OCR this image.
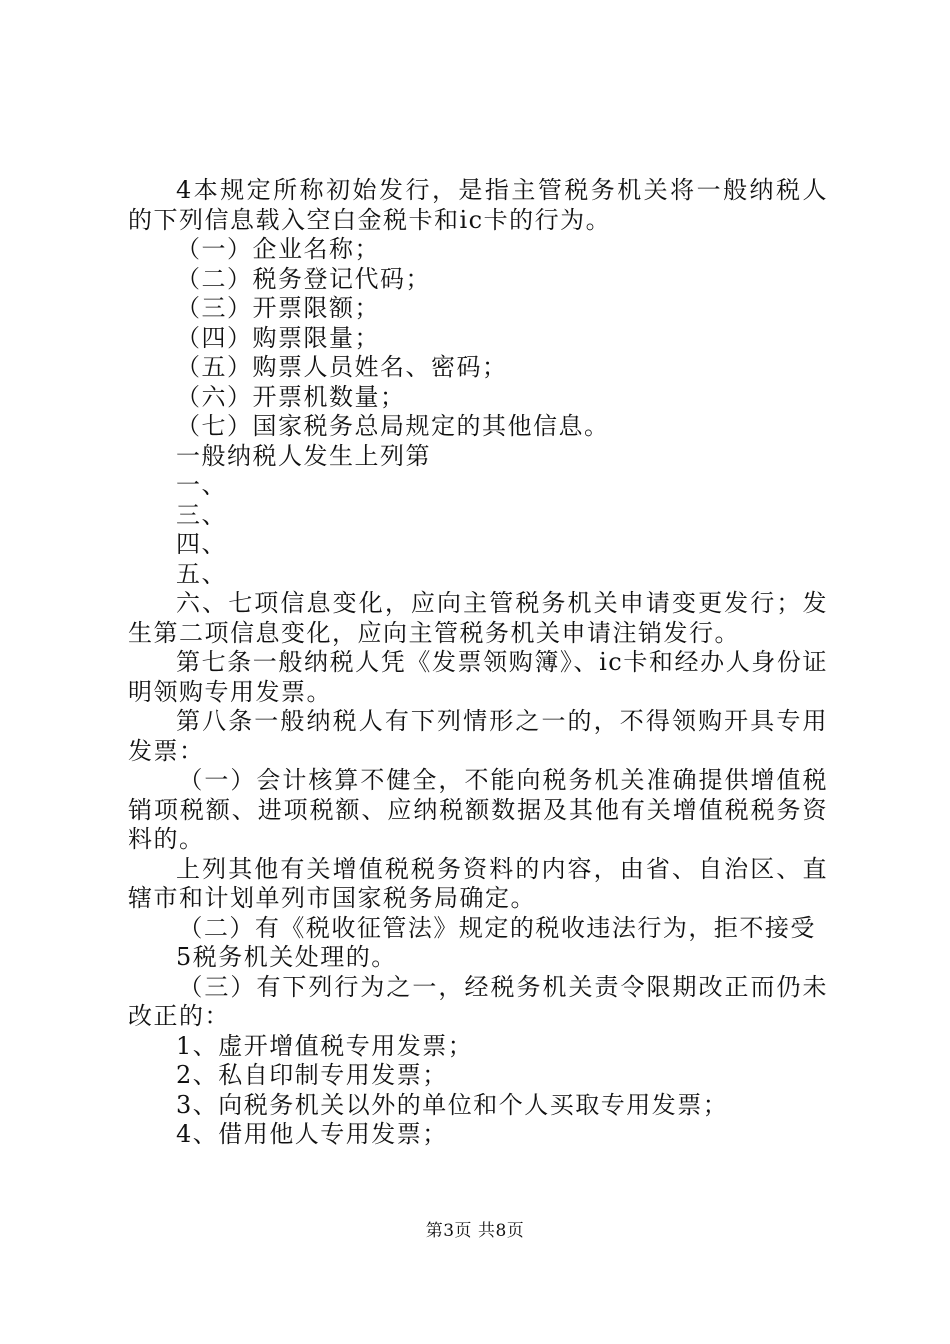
4本规定所称初始发行，是指主管税务机关将一般纳税人的下列信息载入空白金税卡和ic卡的行为。

（一）企业名称；

（二）税务登记代码；

（三）开票限额；

（四）购票限量；

（五）购票人员姓名、密码；

（六）开票机数量；

（七）国家税务总局规定的其他信息。

一般纳税人发生上列第

一、

三、

四、

五、

六、七项信息变化，应向主管税务机关申请变更发行；发生第二项信息变化，应向主管税务机关申请注销发行。

第七条一般纳税人凭《发票领购簿》、ic卡和经办人身份证明领购专用发票。

第八条一般纳税人有下列情形之一的，不得领购开具专用发票：

（一）会计核算不健全，不能向税务机关准确提供增值税销项税额、进项税额、应纳税额数据及其他有关增值税税务资料的。

上列其他有关增值税税务资料的内容，由省、自治区、直辖市和计划单列市国家税务局确定。

（二）有《税收征管法》规定的税收违法行为，拒不接受

5税务机关处理的。

（三）有下列行为之一，经税务机关责令限期改正而仍未改正的：

1、虚开增值税专用发票；

2、私自印制专用发票；

3、向税务机关以外的单位和个人买取专用发票；

4、借用他人专用发票；

第3页 共8页
